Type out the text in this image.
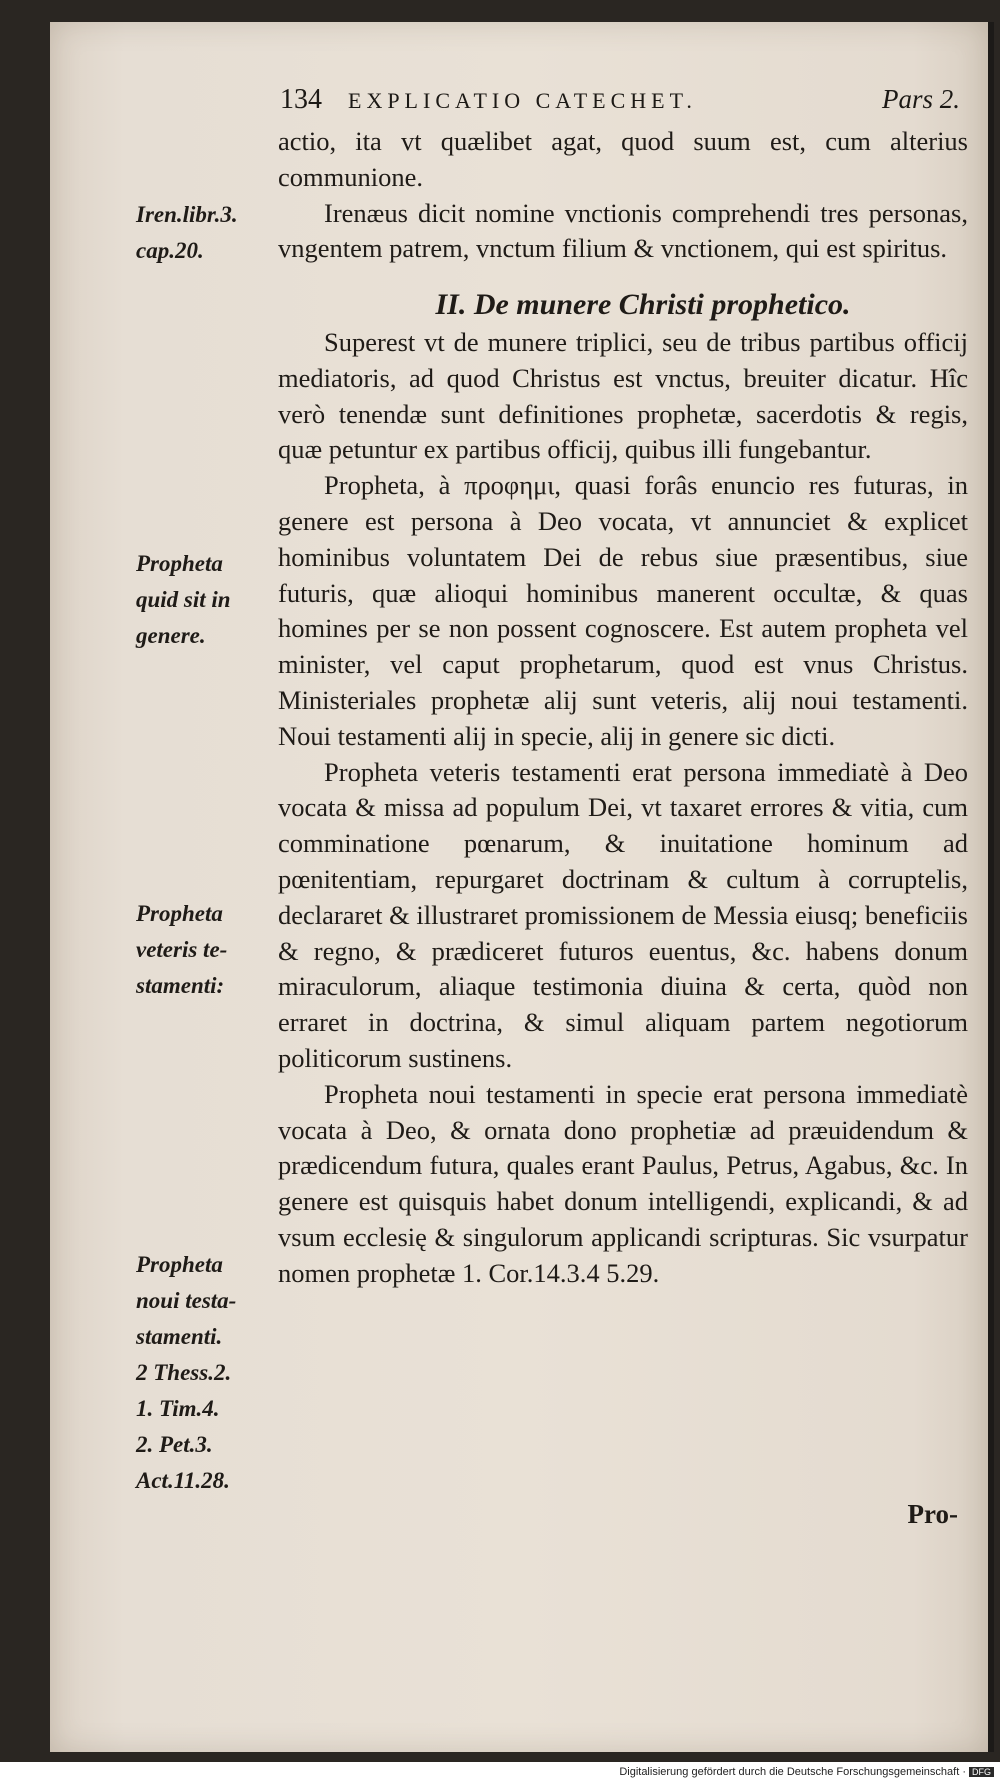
134 EXPLICATIO CATECHET.	Pars 2.

actio, ita vt quælibet agat, quod suum est, cum alterius communione.

Irenæus dicit nomine vnctionis comprehendi tres personas, vngentem patrem, vnctum filium & vnctionem, qui est spiritus.

II. De munere Christi prophetico.

Superest vt de munere triplici, seu de tribus partibus officij mediatoris, ad quod Christus est vnctus, breuiter dicatur. Hîc verò tenendæ sunt definitiones prophetæ, sacerdotis & regis, quæ petuntur ex partibus officij, quibus illi fungebantur.

Propheta, à προφημι, quasi forâs enuncio res futuras, in genere est persona à Deo vocata, vt annunciet & explicet hominibus voluntatem Dei de rebus siue præsentibus, siue futuris, quæ alioqui hominibus manerent occultæ, & quas homines per se non possent cognoscere. Est autem propheta vel minister, vel caput prophetarum, quod est vnus Christus. Ministeriales prophetæ alij sunt veteris, alij noui testamenti. Noui testamenti alij in specie, alij in genere sic dicti.

Propheta veteris testamenti erat persona immediatè à Deo vocata & missa ad populum Dei, vt taxaret errores & vitia, cum comminatione pœnarum, & inuitatione hominum ad pœnitentiam, repurgaret doctrinam & cultum à corruptelis, declararet & illustraret promissionem de Messia eiusq; beneficiis & regno, & prædiceret futuros euentus, &c. habens donum miraculorum, aliaque testimonia diuina & certa, quòd non erraret in doctrina, & simul aliquam partem negotiorum politicorum sustinens.

Propheta noui testamenti in specie erat persona immediatè vocata à Deo, & ornata dono prophetiæ ad præuidendum & prædicendum futura, quales erant Paulus, Petrus, Agabus, &c. In genere est quisquis habet donum intelligendi, explicandi, & ad vsum ecclesię & singulorum applicandi scripturas. Sic vsurpatur nomen prophetæ 1. Cor.14.3.4 5.29.

Iren.libr.3.
cap.20.
Propheta
quid sit in
genere.
Propheta
veteris te-
stamenti:
Propheta
noui testa-
stamenti.
2 Thess.2.
1. Tim.4.
2. Pet.3.
Act.11.28.
Pro-
Digitalisierung gefördert durch die Deutsche Forschungsgemeinschaft · DFG
